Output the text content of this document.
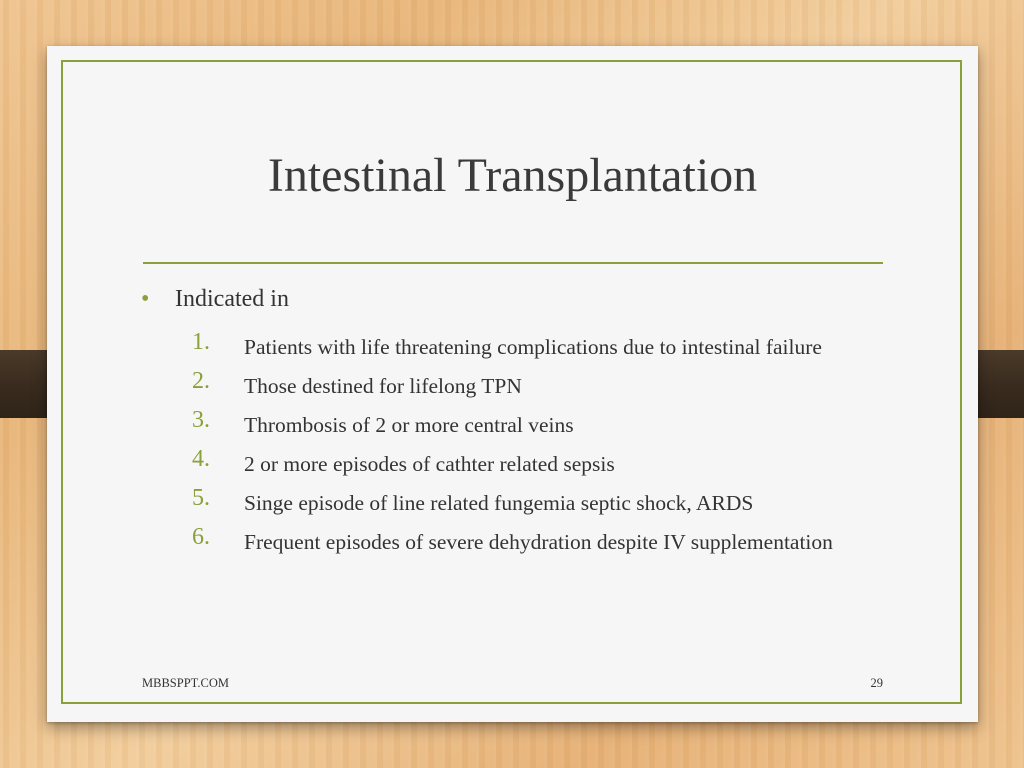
Intestinal Transplantation
• Indicated in
1.	Patients with life threatening complications due to intestinal failure
2.	Those destined for lifelong TPN
3.	Thrombosis of 2 or more central veins
4.	2 or more episodes of cathter related sepsis
5.	Singe episode of line related fungemia septic shock, ARDS
6.	Frequent episodes of severe dehydration despite IV supplementation
MBBSPPT.COM	29
